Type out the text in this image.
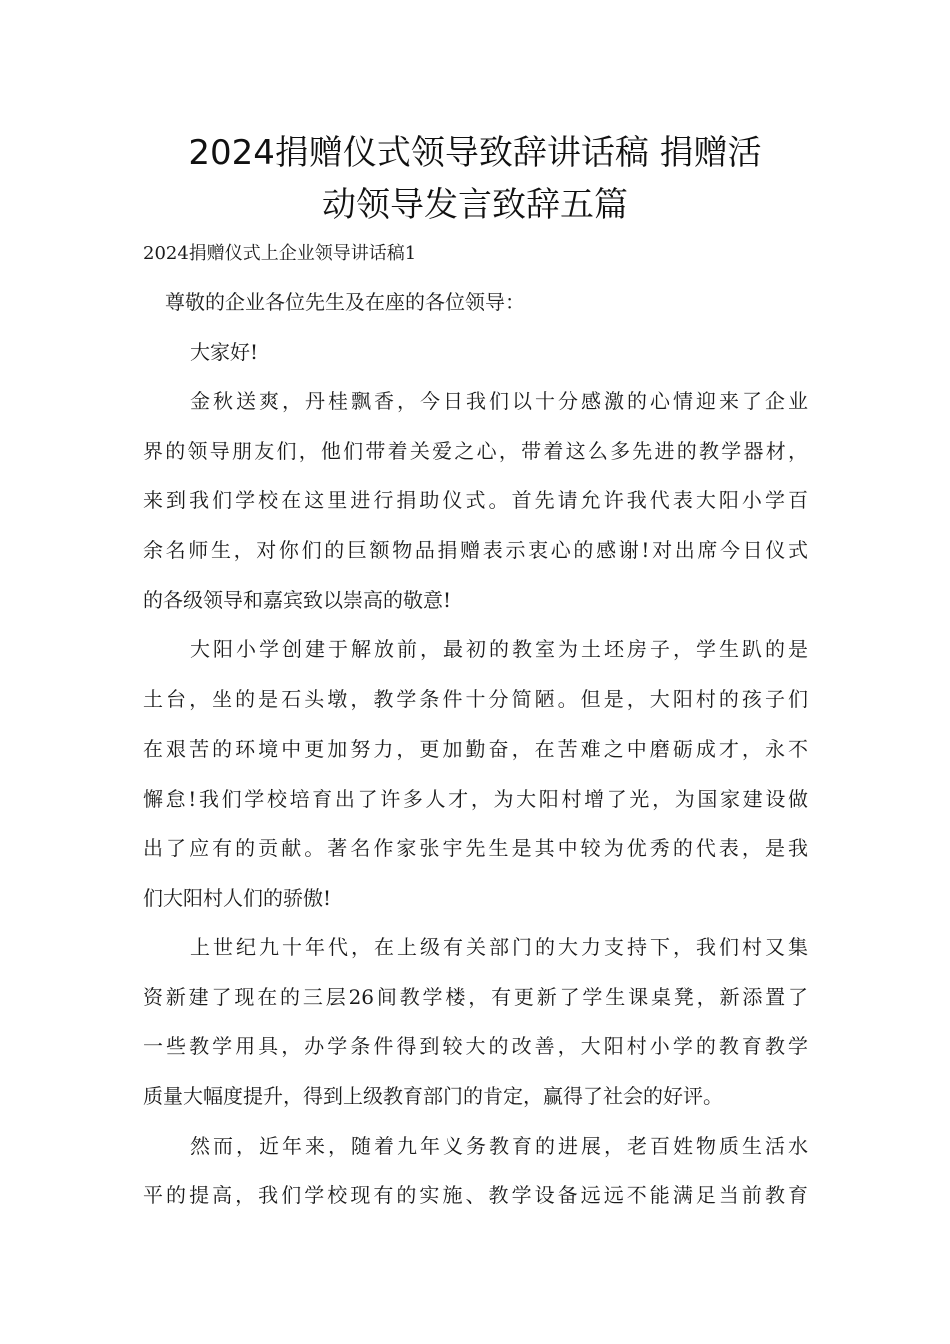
2024捐赠仪式领导致辞讲话稿 捐赠活
动领导发言致辞五篇
2024捐赠仪式上企业领导讲话稿1
尊敬的企业各位先生及在座的各位领导：
大家好!
金秋送爽，丹桂飘香，今日我们以十分感激的心情迎来了企业
界的领导朋友们，他们带着关爱之心，带着这么多先进的教学器材，
来到我们学校在这里进行捐助仪式。首先请允许我代表大阳小学百
余名师生，对你们的巨额物品捐赠表示衷心的感谢!对出席今日仪式
的各级领导和嘉宾致以崇高的敬意!
大阳小学创建于解放前，最初的教室为土坯房子，学生趴的是
土台，坐的是石头墩，教学条件十分简陋。但是，大阳村的孩子们
在艰苦的环境中更加努力，更加勤奋，在苦难之中磨砺成才，永不
懈怠!我们学校培育出了许多人才，为大阳村增了光，为国家建设做
出了应有的贡献。著名作家张宇先生是其中较为优秀的代表，是我
们大阳村人们的骄傲!
上世纪九十年代，在上级有关部门的大力支持下，我们村又集
资新建了现在的三层26间教学楼，有更新了学生课桌凳，新添置了
一些教学用具，办学条件得到较大的改善，大阳村小学的教育教学
质量大幅度提升，得到上级教育部门的肯定，赢得了社会的好评。
然而，近年来，随着九年义务教育的进展，老百姓物质生活水
平的提高，我们学校现有的实施、教学设备远远不能满足当前教育
